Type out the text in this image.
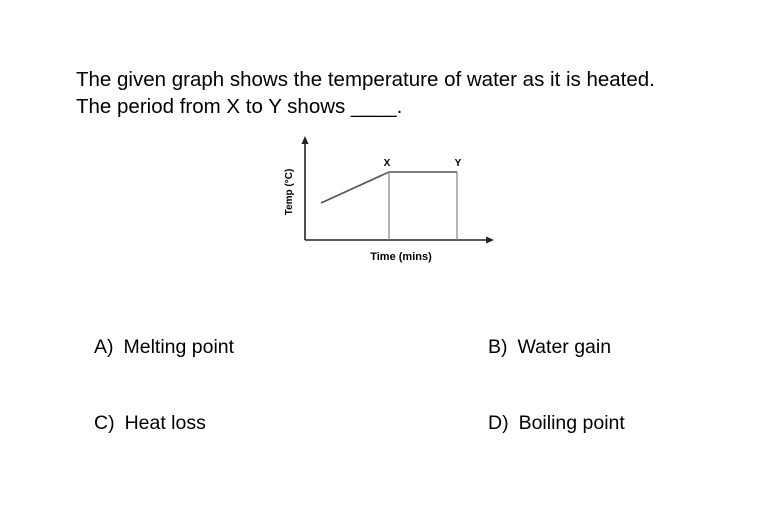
The given graph shows the temperature of water as it is heated.
The period from X to Y shows ____.
X	Y
Time (mins)
Temp (°C)
A) Melting point	B) Water gain
C) Heat loss	D) Boiling point
